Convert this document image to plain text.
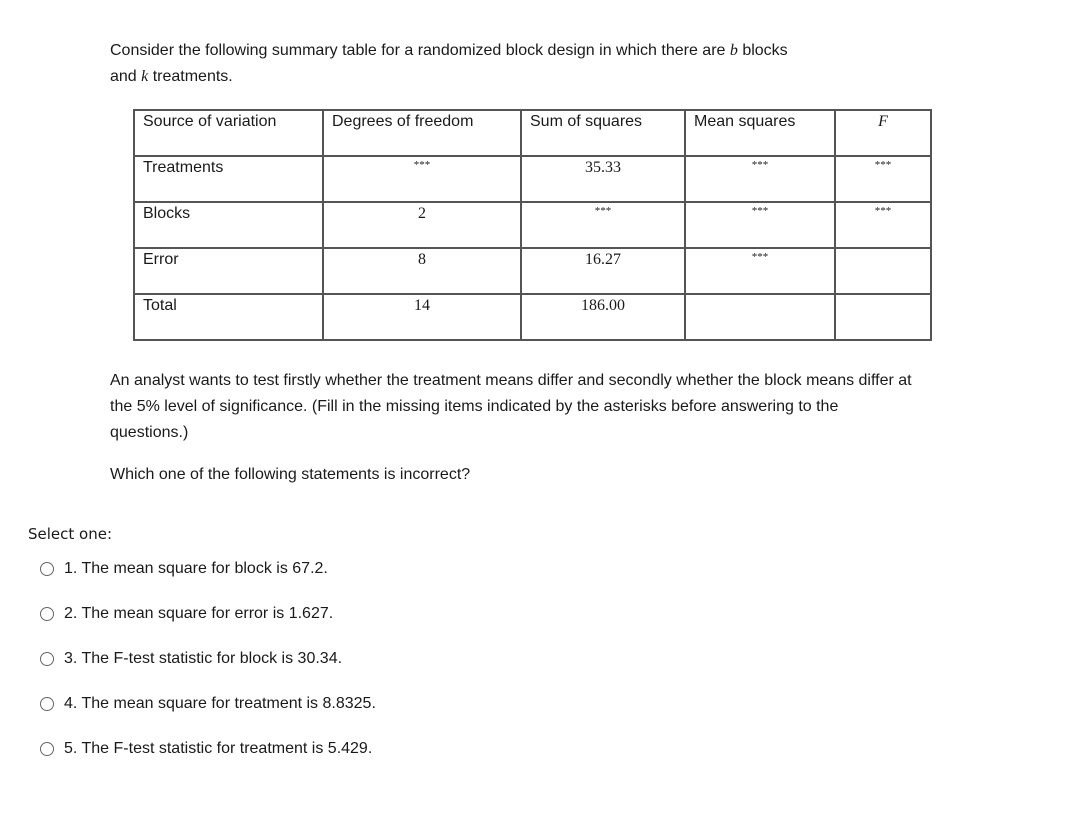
Consider the following summary table for a randomized block design in which there are b blocks
and k treatments.
Source of variation	Degrees of freedom	Sum of squares	Mean squares	F
Treatments	***	35.33	***	***
Blocks	2	***	***	***
Error	8	16.27	***	
Total	14	186.00		
An analyst wants to test firstly whether the treatment means differ and secondly whether the block means differ at the 5% level of significance. (Fill in the missing items indicated by the asterisks before answering to the questions.)
Which one of the following statements is incorrect?
Select one:
1. The mean square for block is 67.2.
2. The mean square for error is 1.627.
3. The F-test statistic for block is 30.34.
4. The mean square for treatment is 8.8325.
5. The F-test statistic for treatment is 5.429.
